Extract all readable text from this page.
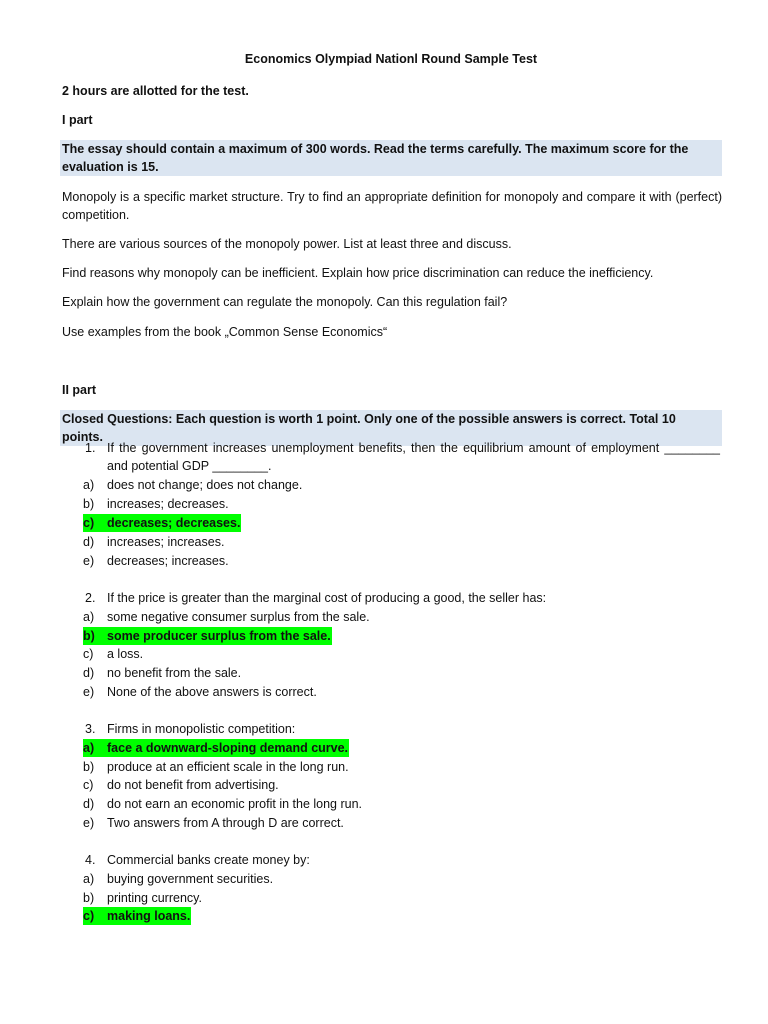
Economics Olympiad Nationl Round Sample Test
2 hours are allotted for the test.
I part
The essay should contain a maximum of 300 words. Read the terms carefully. The maximum score for the evaluation is 15.
Monopoly is a specific market structure. Try to find an appropriate definition for monopoly and compare it with (perfect) competition.
There are various sources of the monopoly power. List at least three and discuss.
Find reasons why monopoly can be inefficient. Explain how price discrimination can reduce the inefficiency.
Explain how the government can regulate the monopoly. Can this regulation fail?
Use examples from the book „Common Sense Economics“
II part
Closed Questions: Each question is worth 1 point. Only one of the possible answers is correct. Total 10 points.
1. If the government increases unemployment benefits, then the equilibrium amount of employment ________ and potential GDP ________.
a) does not change; does not change.
b) increases; decreases.
c) decreases; decreases.
d) increases; increases.
e) decreases; increases.
2. If the price is greater than the marginal cost of producing a good, the seller has:
a) some negative consumer surplus from the sale.
b) some producer surplus from the sale.
c) a loss.
d) no benefit from the sale.
e) None of the above answers is correct.
3. Firms in monopolistic competition:
a) face a downward-sloping demand curve.
b) produce at an efficient scale in the long run.
c) do not benefit from advertising.
d) do not earn an economic profit in the long run.
e) Two answers from A through D are correct.
4. Commercial banks create money by:
a) buying government securities.
b) printing currency.
c) making loans.
